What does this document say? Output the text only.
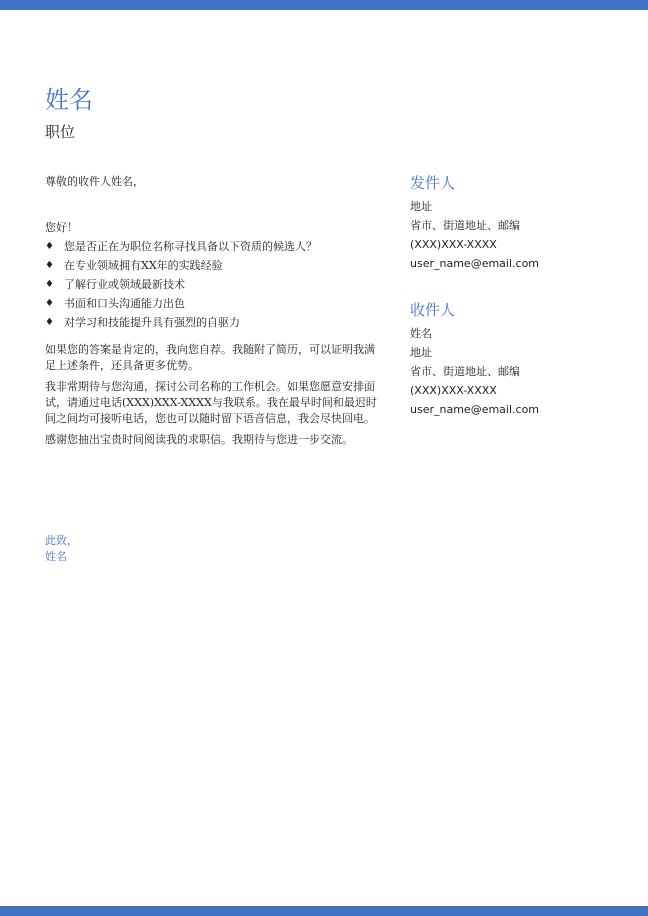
姓名
职位

尊敬的收件人姓名，

您好！

♦ 您是否正在为职位名称寻找具备以下资质的候选人？
♦ 在专业领域拥有XX年的实践经验
♦ 了解行业或领域最新技术
♦ 书面和口头沟通能力出色
♦ 对学习和技能提升具有强烈的自驱力

如果您的答案是肯定的，我向您自荐。我随附了简历，可以证明我满足上述条件，还具备更多优势。

我非常期待与您沟通，探讨公司名称的工作机会。如果您愿意安排面试，请通过电话(XXX)XXX-XXXX与我联系。我在最早时间和最迟时间之间均可接听电话，您也可以随时留下语音信息，我会尽快回电。

感谢您抽出宝贵时间阅读我的求职信。我期待与您进一步交流。

此致，
姓名
发件人
地址
省市、街道地址、邮编
(XXX)XXX-XXXX
user_name@email.com
收件人
姓名
地址
省市、街道地址、邮编
(XXX)XXX-XXXX
user_name@email.com
